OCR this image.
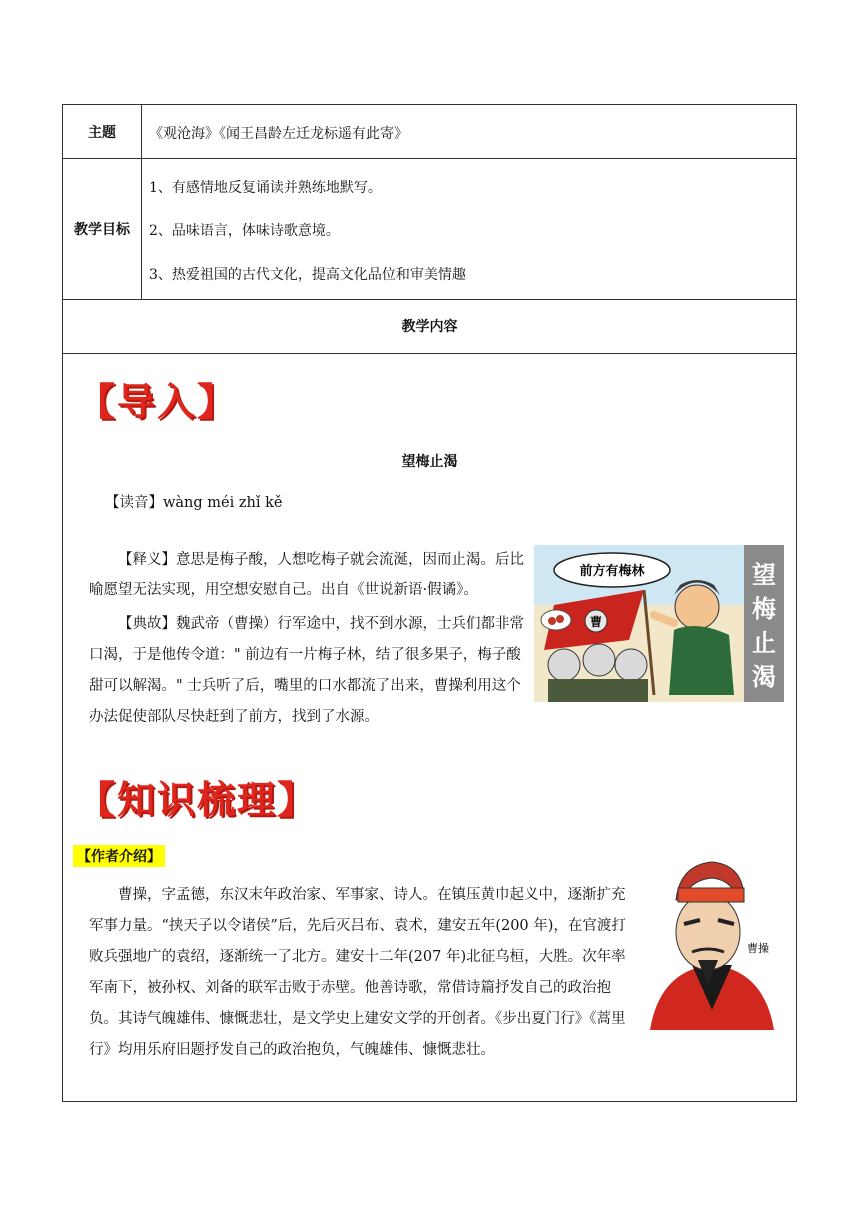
主题	《观沧海》《闻王昌龄左迁龙标遥有此寄》
教学目标
1、有感情地反复诵读并熟练地默写。
2、品味语言，体味诗歌意境。
3、热爱祖国的古代文化，提高文化品位和审美情趣
教学内容
【导入】
望梅止渴
【读音】wàng méi zhǐ kě
【释义】意思是梅子酸，人想吃梅子就会流涎，因而止渴。后比喻愿望无法实现，用空想安慰自己。出自《世说新语·假谲》。
【典故】魏武帝（曹操）行军途中，找不到水源，士兵们都非常口渴，于是他传令道：" 前边有一片梅子林，结了很多果子，梅子酸甜可以解渴。" 士兵听了后，嘴里的口水都流了出来，曹操利用这个办法促使部队尽快赶到了前方，找到了水源。
曹
前方有梅林	望
梅
止
渴
【知识梳理】
【作者介绍】
曹操，字孟德，东汉末年政治家、军事家、诗人。在镇压黄巾起义中，逐渐扩充军事力量。“挟天子以令诸侯”后，先后灭吕布、袁术，建安五年(200 年)，在官渡打败兵强地广的袁绍，逐渐统一了北方。建安十二年(207 年)北征乌桓，大胜。次年率军南下，被孙权、刘备的联军击败于赤壁。他善诗歌，常借诗篇抒发自己的政治抱负。其诗气魄雄伟、慷慨悲壮，是文学史上建安文学的开创者。《步出夏门行》《蒿里行》均用乐府旧题抒发自己的政治抱负，气魄雄伟、慷慨悲壮。
曹操
